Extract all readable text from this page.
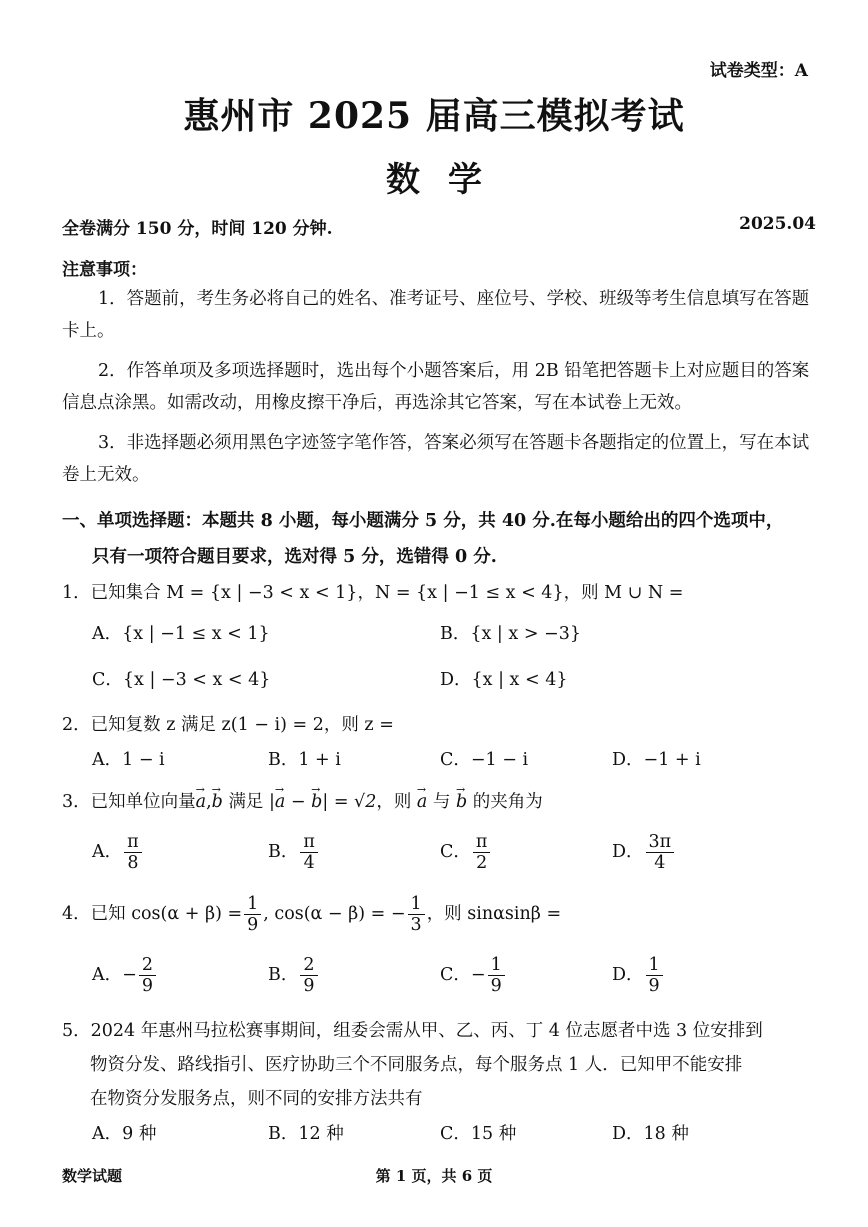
试卷类型：A
惠州市 2025 届高三模拟考试
数学
全卷满分 150 分，时间 120 分钟.	2025.04
注意事项：
1．答题前，考生务必将自己的姓名、准考证号、座位号、学校、班级等考生信息填写在答题卡上。
2．作答单项及多项选择题时，选出每个小题答案后，用 2B 铅笔把答题卡上对应题目的答案信息点涂黑。如需改动，用橡皮擦干净后，再选涂其它答案，写在本试卷上无效。
3．非选择题必须用黑色字迹签字笔作答，答案必须写在答题卡各题指定的位置上，写在本试卷上无效。
一、单项选择题：本题共 8 小题，每小题满分 5 分，共 40 分.在每小题给出的四个选项中，
只有一项符合题目要求，选对得 5 分，选错得 0 分.
1．已知集合 M = {x | −3 < x < 1}，N = {x | −1 ≤ x < 4}，则 M ∪ N =
A．{x | −1 ≤ x < 1}	B．{x | x > −3}
C．{x | −3 < x < 4}	D．{x | x < 4}
2．已知复数 z 满足 z(1 − i) = 2，则 z =
A．1 − i	B．1 + i	C．−1 − i	D．−1 + i
3．已知单位向量→ a,→ b 满足 |→ a − → b| = √2，则 → a 与 → b 的夹角为
A． $\frac{\pi}{8}$	B． $\frac{\pi}{4}$	C． $\frac{\pi}{2}$	D． $\frac{3\pi}{4}$
4．已知 $\cos(\alpha + \beta) = \frac{1}{9}$ , cos(α − β) = − $\frac{1}{3}$ ，则 sinαsinβ =
A．− $\frac{2}{9}$	B． $\frac{2}{9}$	C．− $\frac{1}{9}$	D． $\frac{1}{9}$
5．2024 年惠州马拉松赛事期间，组委会需从甲、乙、丙、丁 4 位志愿者中选 3 位安排到
物资分发、路线指引、医疗协助三个不同服务点，每个服务点 1 人．已知甲不能安排
在物资分发服务点，则不同的安排方法共有
A．9 种	B．12 种	C．15 种	D．18 种
数学试题	第 1 页，共 6 页
